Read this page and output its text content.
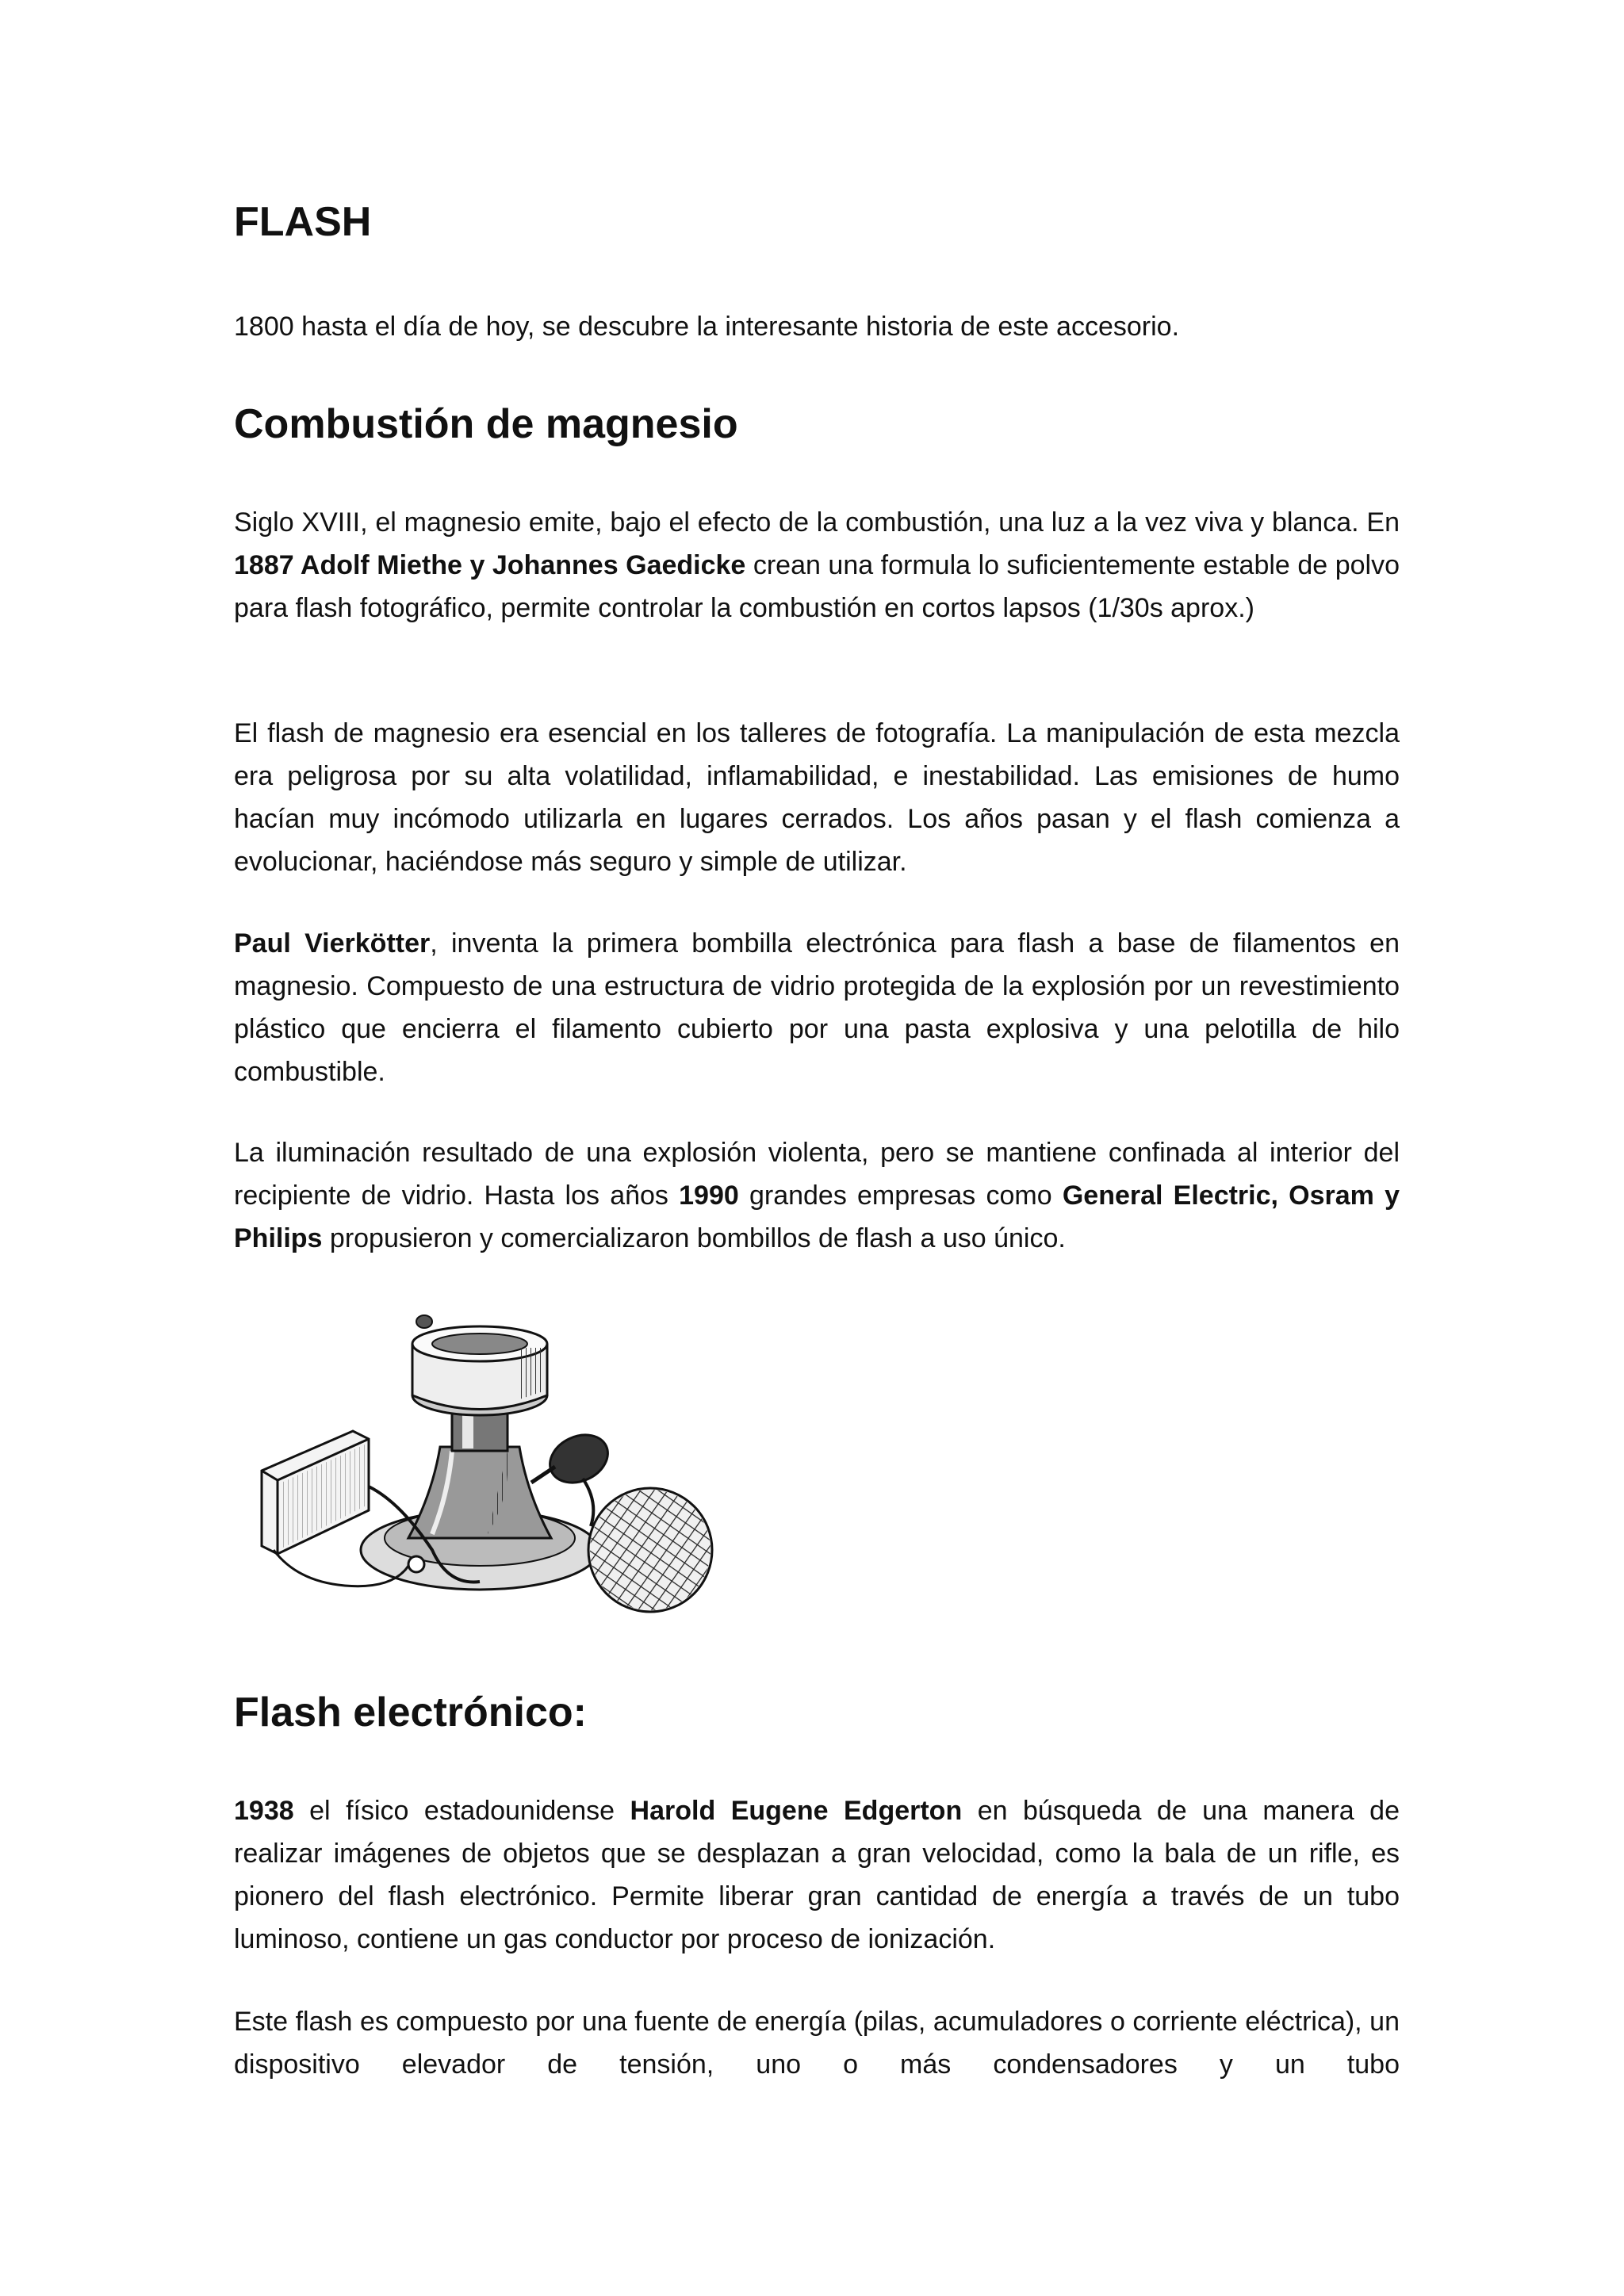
FLASH

1800 hasta el día de hoy, se descubre la interesante historia de este accesorio.

Combustión de magnesio

Siglo XVIII, el magnesio emite, bajo el efecto de la combustión, una luz a la vez viva y blanca. En 1887 Adolf Miethe y Johannes Gaedicke crean una formula lo suficientemente estable de polvo para flash fotográfico, permite controlar la combustión en cortos lapsos (1/30s aprox.)

El flash de magnesio era esencial en los talleres de fotografía. La manipulación de esta mezcla era peligrosa por su alta volatilidad, inflamabilidad, e inestabilidad. Las emisiones de humo hacían muy incómodo utilizarla en lugares cerrados. Los años pasan y el flash comienza a evolucionar, haciéndose más seguro y simple de utilizar.

Paul Vierkötter, inventa la primera bombilla electrónica para flash a base de filamentos en magnesio. Compuesto de una estructura de vidrio protegida de la explosión por un revestimiento plástico que encierra el filamento cubierto por una pasta explosiva y una pelotilla de hilo combustible.

La iluminación resultado de una explosión violenta, pero se mantiene confinada al interior del recipiente de vidrio. Hasta los años 1990 grandes empresas como General Electric, Osram y Philips propusieron y comercializaron bombillos de flash a uso único.

Flash electrónico:

1938 el físico estadounidense Harold Eugene Edgerton en búsqueda de una manera de realizar imágenes de objetos que se desplazan a gran velocidad, como la bala de un rifle, es pionero del flash electrónico. Permite liberar gran cantidad de energía a través de un tubo luminoso, contiene un gas conductor por proceso de ionización.

Este flash es compuesto por una fuente de energía (pilas, acumuladores o corriente eléctrica), un dispositivo elevador de tensión, uno o más condensadores y un tubo
